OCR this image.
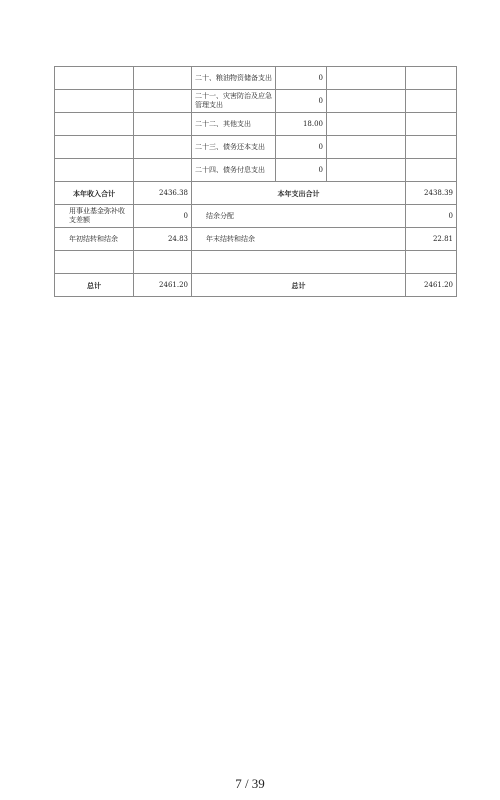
		二十、粮油物资储备支出	0		
		二十一、灾害防治及应急管理支出	0		
		二十二、其他支出	18.00		
		二十三、债务还本支出	0		
		二十四、债务付息支出	0		
本年收入合计	2436.38	本年支出合计			2438.39
用事业基金弥补收支差额	0	结余分配			0
年初结转和结余	24.83	年末结转和结余			22.81

总计	2461.20	总计			2461.20
7 / 39
